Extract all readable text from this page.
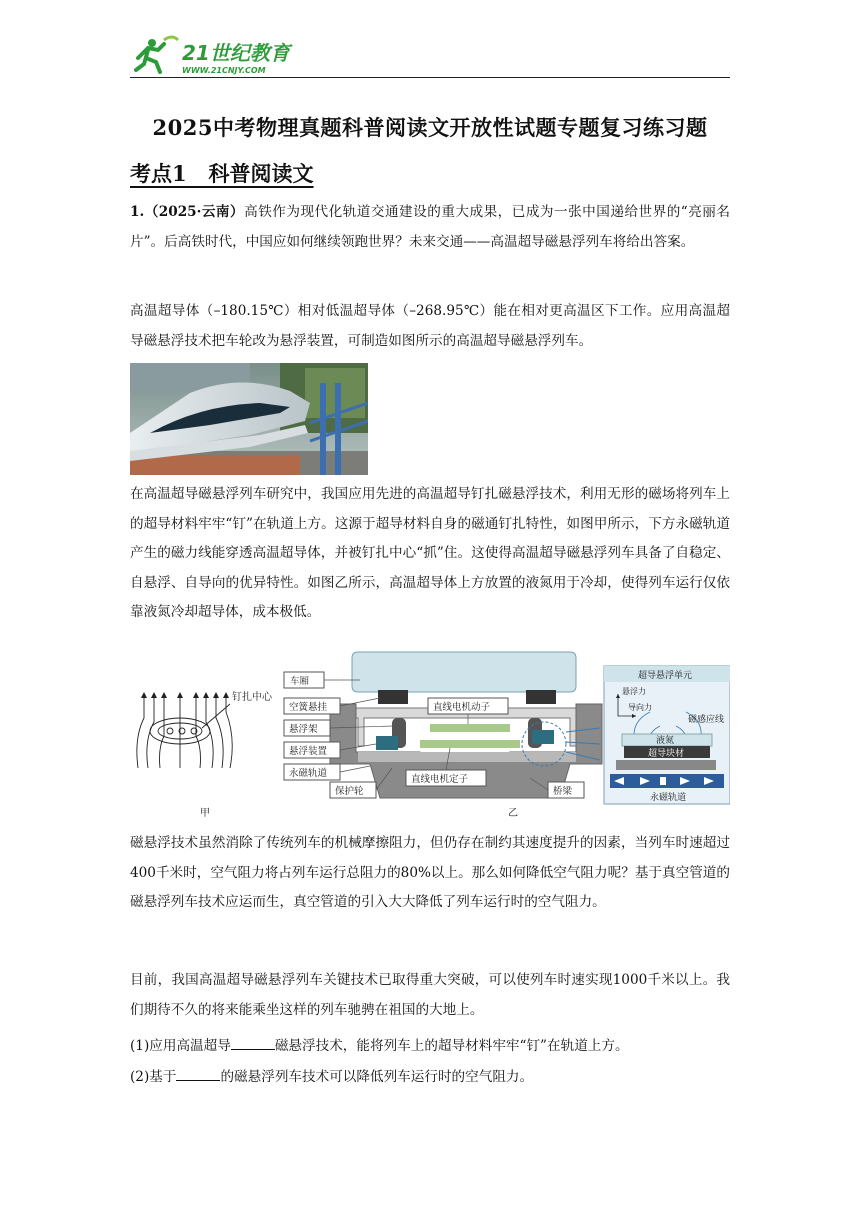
21世纪教育
WWW.21CNJY.COM
2025中考物理真题科普阅读文开放性试题专题复习练习题
考点1   科普阅读文

1.（2025·云南）高铁作为现代化轨道交通建设的重大成果，已成为一张中国递给世界的“亮丽名片”。后高铁时代，中国应如何继续领跑世界？未来交通——高温超导磁悬浮列车将给出答案。

高温超导体（–180.15℃）相对低温超导体（–268.95℃）能在相对更高温区下工作。应用高温超导磁悬浮技术把车轮改为悬浮装置，可制造如图所示的高温超导磁悬浮列车。

在高温超导磁悬浮列车研究中，我国应用先进的高温超导钉扎磁悬浮技术，利用无形的磁场将列车上的超导材料牢牢“钉”在轨道上方。这源于超导材料自身的磁通钉扎特性，如图甲所示，下方永磁轨道产生的磁力线能穿透高温超导体，并被钉扎中心“抓”住。这使得高温超导磁悬浮列车具备了自稳定、自悬浮、自导向的优异特性。如图乙所示，高温超导体上方放置的液氮用于冷却，使得列车运行仅依靠液氮冷却超导体，成本极低。

钉扎中心
甲
车厢
空簧悬挂
悬浮架
悬浮装置
永磁轨道
保护轮
直线电机动子
直线电机定子
桥梁
乙
超导悬浮单元
悬浮力
导向力
磁感应线
液氮
超导块材
永磁轨道

磁悬浮技术虽然消除了传统列车的机械摩擦阻力，但仍存在制约其速度提升的因素，当列车时速超过400千米时，空气阻力将占列车运行总阻力的80%以上。那么如何降低空气阻力呢？基于真空管道的磁悬浮列车技术应运而生，真空管道的引入大大降低了列车运行时的空气阻力。

目前，我国高温超导磁悬浮列车关键技术已取得重大突破，可以使列车时速实现1000千米以上。我们期待不久的将来能乘坐这样的列车驰骋在祖国的大地上。

(1)应用高温超导	磁悬浮技术，能将列车上的超导材料牢牢“钉”在轨道上方。

(2)基于	的磁悬浮列车技术可以降低列车运行时的空气阻力。
